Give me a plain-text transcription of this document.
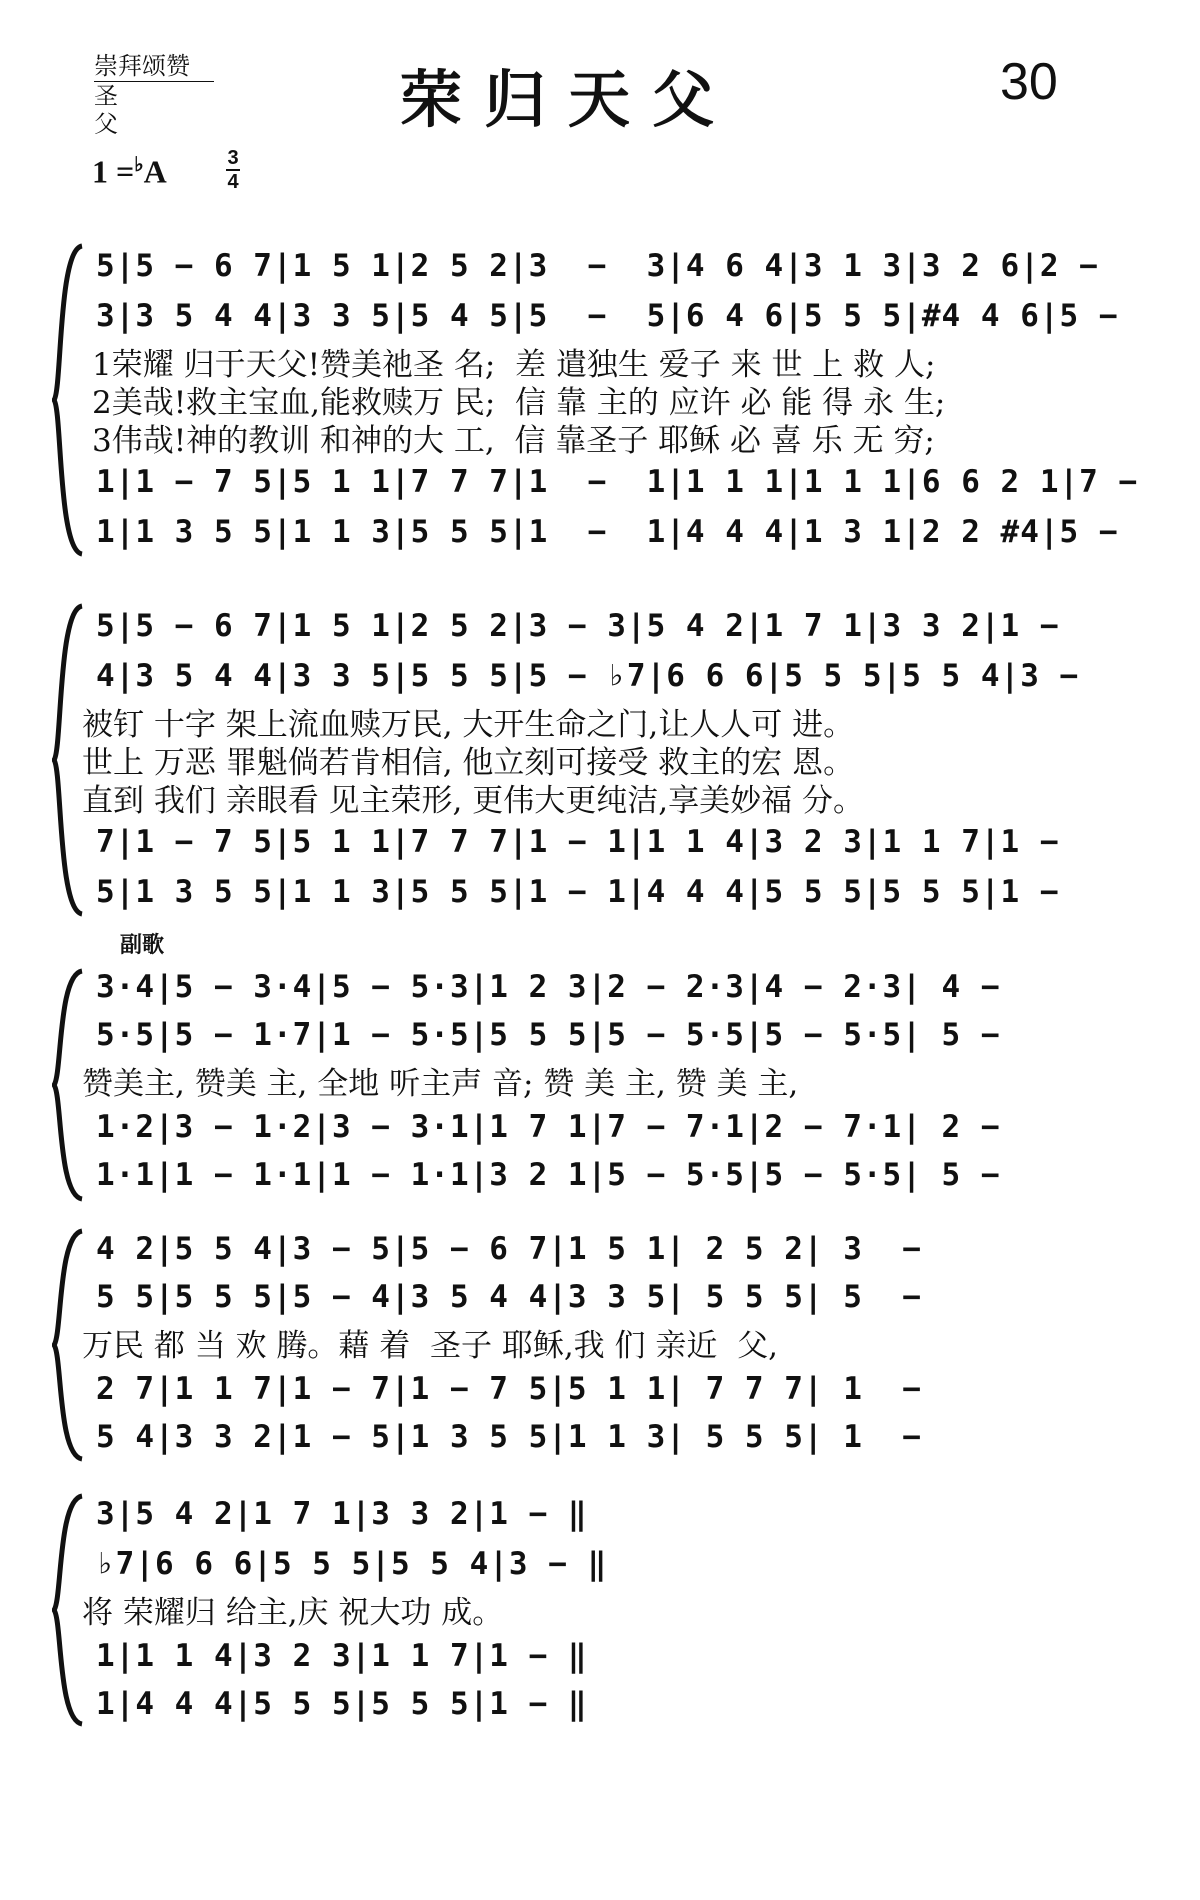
崇拜颂赞
圣 父	荣归天父	30
1 =♭A	3
4
5|5 − 6 7|1 5 1|2 5 2|3  −  3|4 6 4|3 1 3|3 2 6|2 −
3|3 5 4 4|3 3 5|5 4 5|5  −  5|6 4 6|5 5 5|#4 4 6|5 −
1荣耀 归于天父!赞美祂圣 名;  差 遣独生 爱子 来 世 上 救 人;
2美哉!救主宝血,能救赎万 民;  信 靠 主的 应许 必 能 得 永 生;
3伟哉!神的教训 和神的大 工,  信 靠圣子 耶稣 必 喜 乐 无 穷;
1|1 − 7 5|5 1 1|7 7 7|1  −  1|1 1 1|1 1 1|6 6 2 1|7 −
1|1 3 5 5|1 1 3|5 5 5|1  −  1|4 4 4|1 3 1|2 2 #4|5 −
5|5 − 6 7|1 5 1|2 5 2|3 − 3|5 4 2|1 7 1|3 3 2|1 −
4|3 5 4 4|3 3 5|5 5 5|5 − ♭7|6 6 6|5 5 5|5 5 4|3 −
被钉 十字 架上流血赎万民, 大开生命之门,让人人可 进。
世上 万恶 罪魁倘若肯相信, 他立刻可接受 救主的宏 恩。
直到 我们 亲眼看 见主荣形, 更伟大更纯洁,享美妙福 分。
7|1 − 7 5|5 1 1|7 7 7|1 − 1|1 1 4|3 2 3|1 1 7|1 −
5|1 3 5 5|1 1 3|5 5 5|1 − 1|4 4 4|5 5 5|5 5 5|1 −
副歌
3·4|5 − 3·4|5 − 5·3|1 2 3|2 − 2·3|4 − 2·3| 4 −
5·5|5 − 1·7|1 − 5·5|5 5 5|5 − 5·5|5 − 5·5| 5 −
赞美主, 赞美 主, 全地 听主声 音; 赞 美 主, 赞 美 主,
1·2|3 − 1·2|3 − 3·1|1 7 1|7 − 7·1|2 − 7·1| 2 −
1·1|1 − 1·1|1 − 1·1|3 2 1|5 − 5·5|5 − 5·5| 5 −
4 2|5 5 4|3 − 5|5 − 6 7|1 5 1| 2 5 2| 3  −
5 5|5 5 5|5 − 4|3 5 4 4|3 3 5| 5 5 5| 5  −
万民 都 当 欢 腾。藉 着  圣子 耶稣,我 们 亲近  父,
2 7|1 1 7|1 − 7|1 − 7 5|5 1 1| 7 7 7| 1  −
5 4|3 3 2|1 − 5|1 3 5 5|1 1 3| 5 5 5| 1  −
3|5 4 2|1 7 1|3 3 2|1 − ‖
♭7|6 6 6|5 5 5|5 5 4|3 − ‖
将 荣耀归 给主,庆 祝大功 成。
1|1 1 4|3 2 3|1 1 7|1 − ‖
1|4 4 4|5 5 5|5 5 5|1 − ‖
